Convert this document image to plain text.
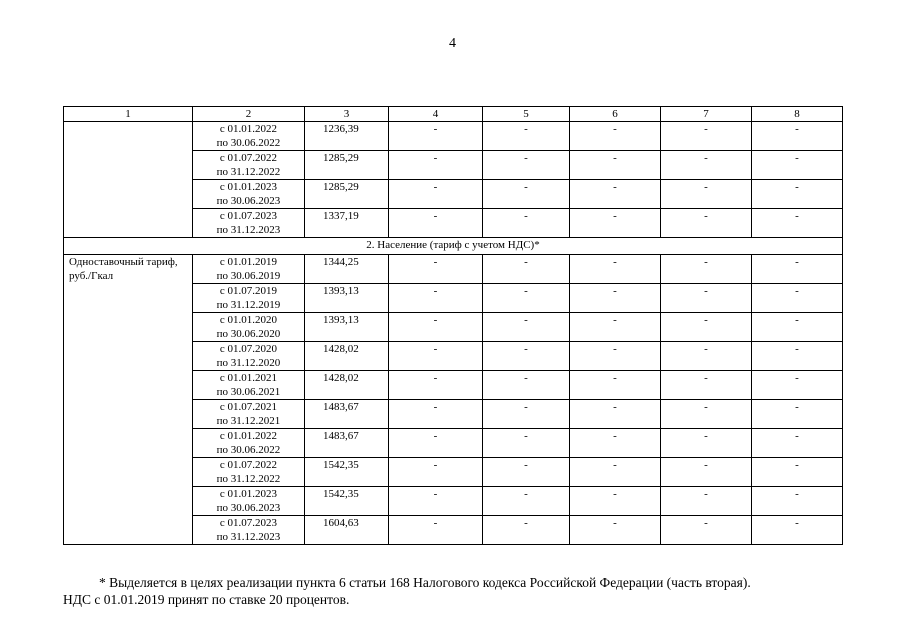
4
1	2	3	4	5	6	7	8
	с 01.01.2022
по 30.06.2022	1236,39	-	-	-	-	-
	с 01.07.2022
по 31.12.2022	1285,29	-	-	-	-	-
	с 01.01.2023
по 30.06.2023	1285,29	-	-	-	-	-
	с 01.07.2023
по 31.12.2023	1337,19	-	-	-	-	-
2. Население (тариф с учетом НДС)*							
Одноставочный тариф, руб./Гкал	с 01.01.2019
по 30.06.2019	1344,25	-	-	-	-	-
	с 01.07.2019
по 31.12.2019	1393,13	-	-	-	-	-
	с 01.01.2020
по 30.06.2020	1393,13	-	-	-	-	-
	с 01.07.2020
по 31.12.2020	1428,02	-	-	-	-	-
	с 01.01.2021
по 30.06.2021	1428,02	-	-	-	-	-
	с 01.07.2021
по 31.12.2021	1483,67	-	-	-	-	-
	с 01.01.2022
по 30.06.2022	1483,67	-	-	-	-	-
	с 01.07.2022
по 31.12.2022	1542,35	-	-	-	-	-
	с 01.01.2023
по 30.06.2023	1542,35	-	-	-	-	-
	с 01.07.2023
по 31.12.2023	1604,63	-	-	-	-	-
* Выделяется в целях реализации пункта 6 статьи 168 Налогового кодекса Российской Федерации (часть вторая).
НДС с 01.01.2019 принят по ставке 20 процентов.
